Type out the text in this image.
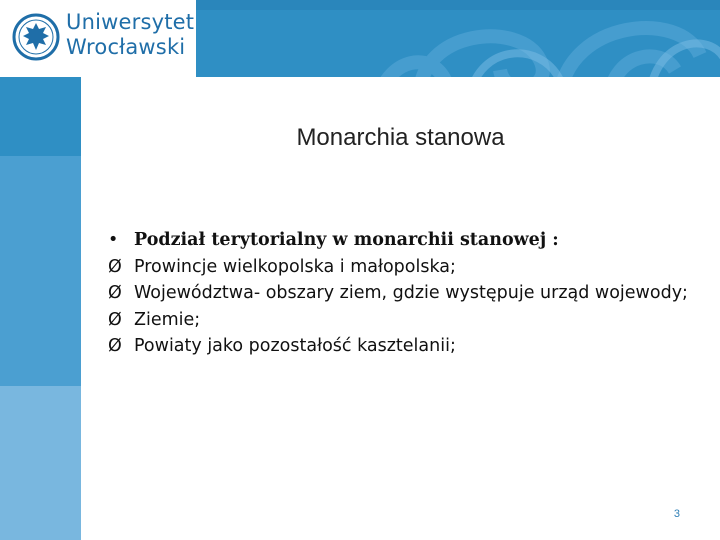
Uniwersytet
Wrocławski
Monarchia stanowa
• Podział terytorialny w monarchii stanowej :
Ø Prowincje wielkopolska i małopolska;
Ø Województwa- obszary ziem, gdzie występuje urząd wojewody;
Ø Ziemie;
Ø Powiaty jako pozostałość kasztelanii;
3
